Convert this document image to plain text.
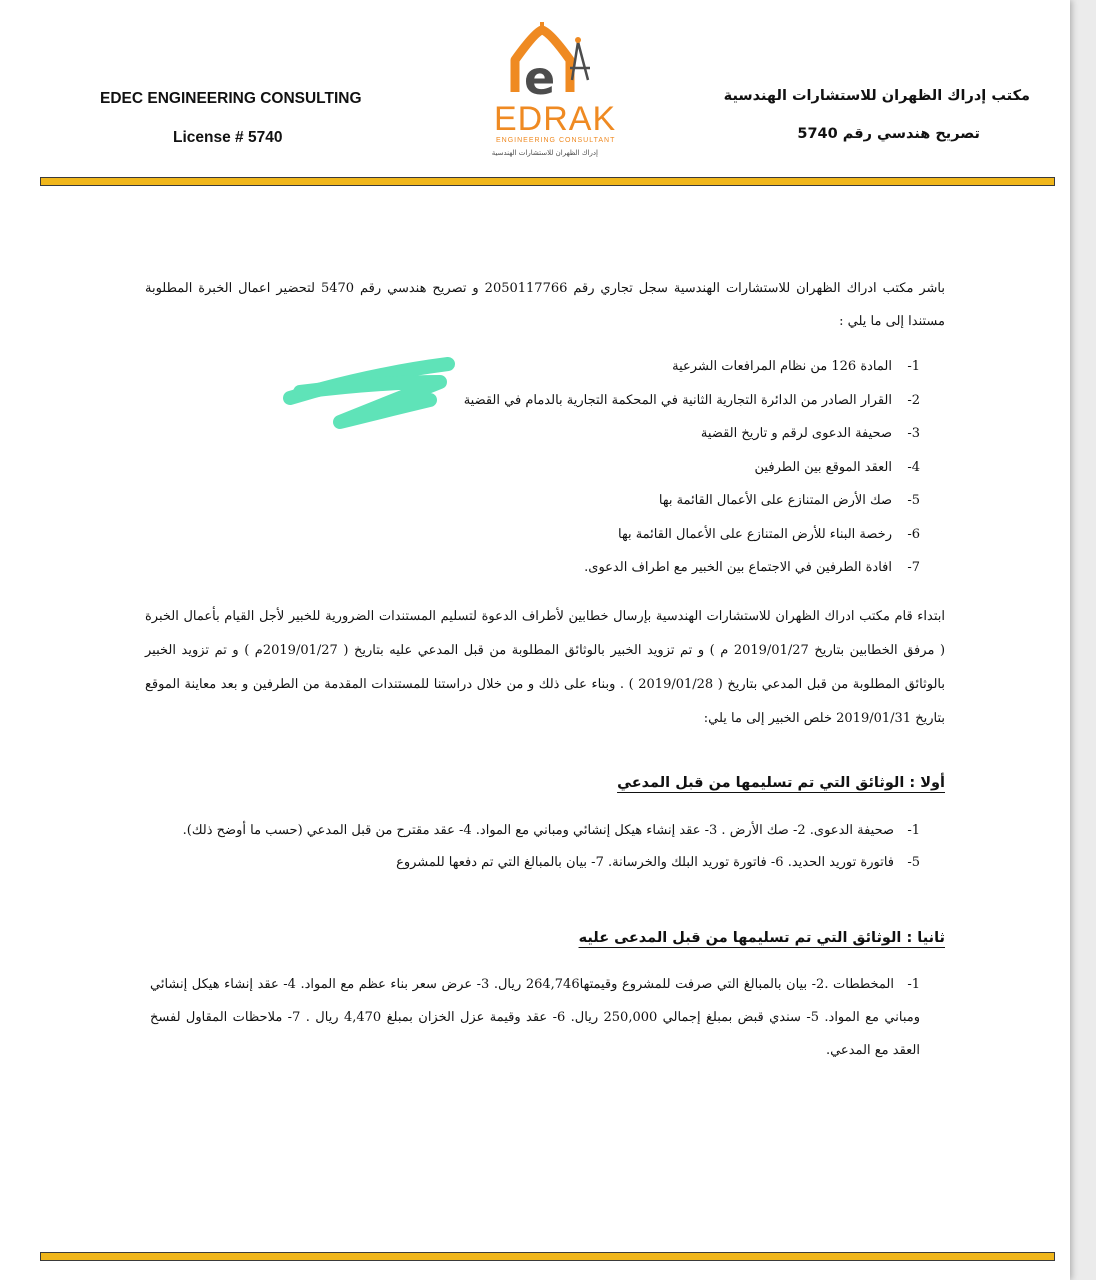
EDEC ENGINEERING CONSULTING
License # 5740
e
EDRAK
ENGINEERING CONSULTANT
إدراك الظهران للاستشارات الهندسية
مكتب إدراك الظهران للاستشارات الهندسية
تصريح هندسي رقم 5740
باشر مكتب ادراك الظهران للاستشارات الهندسية سجل تجاري رقم 2050117766 و تصريح هندسي رقم 5470 لتحضير اعمال الخبرة المطلوبة مستندا إلى ما يلي :
1-المادة 126 من نظام المرافعات الشرعية
2-القرار الصادر من الدائرة التجارية الثانية في المحكمة التجارية بالدمام في القضية
3-صحيفة الدعوى لرقم و تاريخ القضية
4-العقد الموقع بين الطرفين
5-صك الأرض المتنازع على الأعمال القائمة بها
6-رخصة البناء للأرض المتنازع على الأعمال القائمة بها
7-افادة الطرفين في الاجتماع بين الخبير مع اطراف الدعوى.
ابتداء قام مكتب ادراك الظهران للاستشارات الهندسية بإرسال خطابين لأطراف الدعوة لتسليم المستندات الضرورية للخبير لأجل القيام بأعمال الخبرة ( مرفق الخطابين بتاريخ 2019/01/27 م ) و تم تزويد الخبير بالوثائق المطلوبة من قبل المدعي عليه بتاريخ ( 2019/01/27م ) و تم تزويد الخبير بالوثائق المطلوبة من قبل المدعي بتاريخ ( 2019/01/28 ) . وبناء على ذلك و من خلال دراستنا للمستندات المقدمة من الطرفين و بعد معاينة الموقع بتاريخ 2019/01/31 خلص الخبير إلى ما يلي:
أولا : الوثائق التي تم تسليمها من قبل المدعي
1-صحيفة الدعوى. 2- صك الأرض . 3- عقد إنشاء هيكل إنشائي ومباني مع المواد. 4- عقد مقترح من قبل المدعي (حسب ما أوضح ذلك).
5-فاتورة توريد الحديد. 6- فاتورة توريد البلك والخرسانة. 7- بيان بالمبالغ التي تم دفعها للمشروع
ثانيا : الوثائق التي تم تسليمها من قبل المدعى عليه
1-المخططات .2- بيان بالمبالغ التي صرفت للمشروع وقيمتها264,746 ريال. 3- عرض سعر بناء عظم مع المواد. 4- عقد إنشاء هيكل إنشائي ومباني مع المواد. 5- سندي قبض بمبلغ إجمالي 250,000 ريال. 6- عقد وقيمة عزل الخزان بمبلغ 4,470 ريال . 7- ملاحظات المقاول لفسخ العقد مع المدعي.
